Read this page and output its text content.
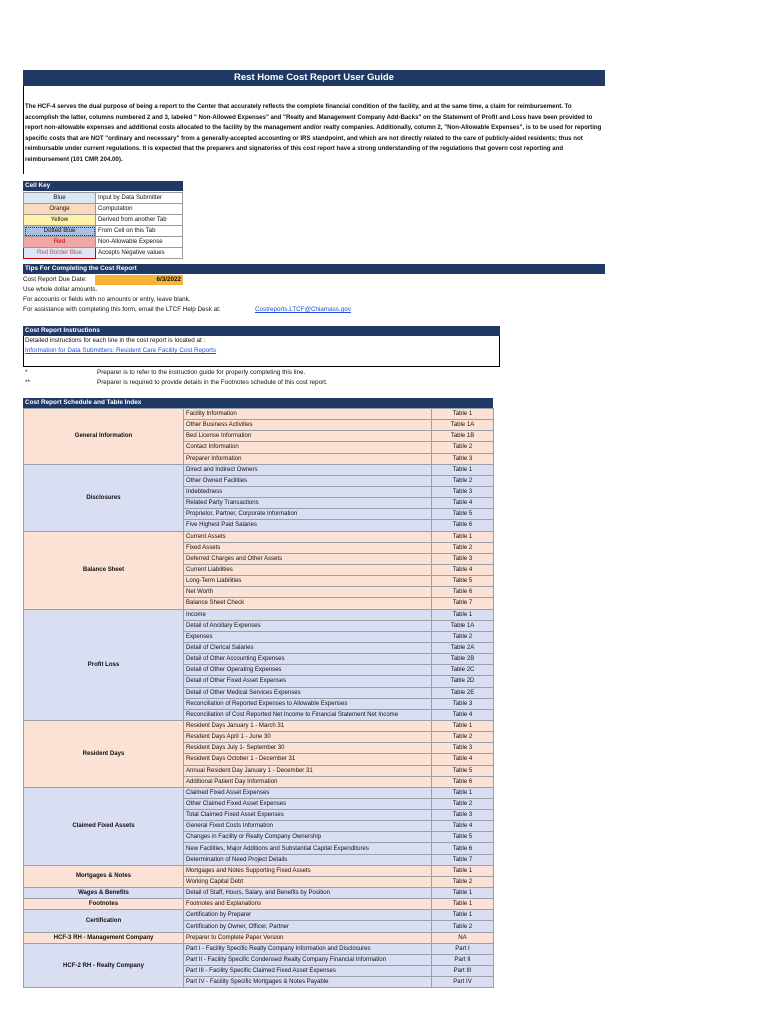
Rest Home Cost Report User Guide
The HCF-4 serves the dual purpose of being a report to the Center that accurately reflects the complete financial condition of the facility, and at the same time, a claim for reimbursement. To accomplish the latter, columns numbered 2 and 3, labeled " Non-Allowed Expenses" and "Realty and Management Company Add-Backs" on the Statement of Profit and Loss have been provided to report non-allowable expenses and additional costs allocated to the facility by the management and/or realty companies. Additionally, column 2, "Non-Allowable Expenses", is to be used for reporting specific costs that are NOT "ordinary and necessary" from a generally-accepted accounting or IRS standpoint, and which are not directly related to the care of publicly-aided residents; thus not reimbursable under current regulations. It is expected that the preparers and signatories of this cost report have a strong understanding of the regulations that govern cost reporting and reimbursement (101 CMR 204.00).
Cell Key
Blue	Input by Data Submitter
Orange	Computation
Yellow	Derived from another Tab
Dotted Blue	From Cell on this Tab
Red	Non-Allowable Expense
Red Border Blue	Accepts Negative values
Tips For Completing the Cost Report
Cost Report Due Date:	6/3/2022
Use whole dollar amounts.
For accounts or fields with no amounts or entry, leave blank.
For assistance with completing this form, email the LTCF Help Desk at:	Costreports.LTCF@Chiamass.gov
Cost Report Instructions
Detailed instructions for each line in the cost report is located at :
Information for Data Submitters: Resident Care Facility Cost Reports
*	Preparer is to refer to the instruction guide for properly completing this line.
**	Preparer is required to provide details in the Footnotes schedule of this cost report.
Cost Report Schedule and Table Index
General Information	Facility Information	Table 1
	Other Business Activities	Table 1A
	Bed License Information	Table 1B
	Contact Information	Table 2
	Preparer Information	Table 3
Disclosures	Direct and Indirect Owners	Table 1
	Other Owned Facilities	Table 2
	Indebtedness	Table 3
	Related Party Transactions	Table 4
	Proprietor, Partner, Corporate Information	Table 5
	Five Highest Paid Salaries	Table 6
Balance Sheet	Current Assets	Table 1
	Fixed Assets	Table 2
	Deferred Charges and Other Assets	Table 3
	Current Liabilities	Table 4
	Long-Term Liabilities	Table 5
	Net Worth	Table 6
	Balance Sheet Check	Table 7
Profit Loss	Income	Table 1
	Detail of Ancillary Expenses	Table 1A
	Expenses	Table 2
	Detail of Clerical Salaries	Table 2A
	Detail of Other Accounting Expenses	Table 2B
	Detail of Other Operating Expenses	Table 2C
	Detail of Other Fixed Asset Expenses	Table 2D
	Detail of Other Medical Services Expenses	Table 2E
	Reconciliation of Reported Expenses to Allowable Expenses	Table 3
	Reconciliation of Cost Reported Net Income to Financial Statement Net Income	Table 4
Resident Days	Resident Days January 1 - March 31	Table 1
	Resident Days April 1 - June 30	Table 2
	Resident Days July 1- September 30	Table 3
	Resident Days October 1 - December 31	Table 4
	Annual Resident Day January 1 - December 31	Table 5
	Additional Patient Day Information	Table 6
Claimed Fixed Assets	Claimed Fixed Asset Expenses	Table 1
	Other Claimed Fixed Asset Expenses	Table 2
	Total Claimed Fixed Asset Expenses	Table 3
	General Fixed Costs Information	Table 4
	Changes in Facility or Realty Company Ownership	Table 5
	New Facilities, Major Additions and Substantial Capital Expenditures	Table 6
	Determination of Need Project Details	Table 7
Mortgages & Notes	Mortgages and Notes Supporting Fixed Assets	Table 1
	Working Capital Debt	Table 2
Wages & Benefits	Detail of Staff, Hours, Salary, and Benefits by Position	Table 1
Footnotes	Footnotes and Explanations	Table 1
Certification	Certification by Preparer	Table 1
	Certification by Owner, Officer, Partner	Table 2
HCF-3 RH - Management Company	Preparer to Complete Paper Version	NA
HCF-2 RH - Realty Company	Part I - Facility Specific Realty Company Information and Disclosures	Part I
	Part II - Facility Specific Condensed Realty Company Financial Information	Part II
	Part III - Facility Specific Claimed Fixed Asset Expenses	Part III
	Part IV - Facility Specific Mortgages & Notes Payable	Part IV
